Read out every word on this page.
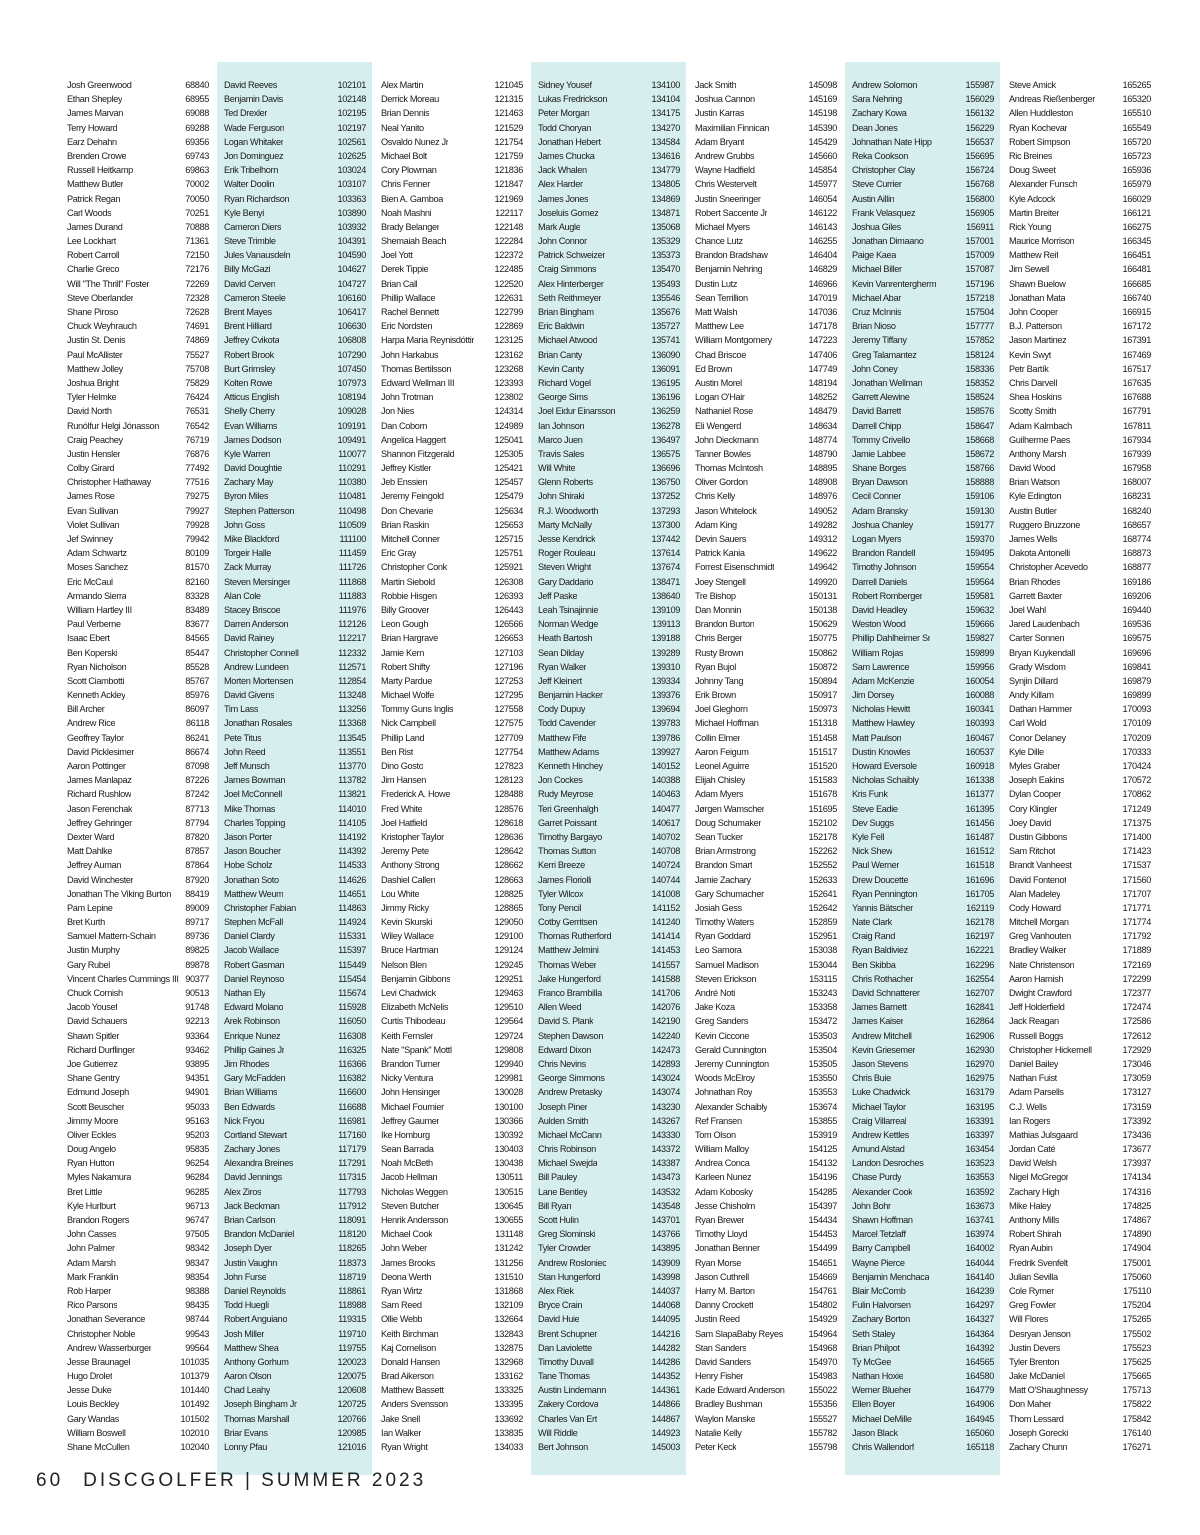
Josh Greenwood	68840
Ethan Shepley	68955
James Marvan	69088
Terry Howard	69288
Earz Dehahn	69356
Brenden Crowe	69743
Russell Heitkamp	69863
Matthew Butler	70002
Patrick Regan	70050
Carl Woods	70251
James Durand	70888
Lee Lockhart	71361
Robert Carroll	72150
Charlie Greco	72176
Will "The Thrill" Foster	72269
Steve Oberlander	72328
Shane Piroso	72628
Chuck Weyhrauch	74691
Justin St. Denis	74869
Paul McAllister	75527
Matthew Jolley	75708
Joshua Bright	75829
Tyler Helmke	76424
David North	76531
Runólfur Helgi Jónasson	76542
Craig Peachey	76719
Justin Hensler	76876
Colby Girard	77492
Christopher Hathaway	77516
James Rose	79275
Evan Sullivan	79927
Violet Sullivan	79928
Jef Swinney	79942
Adam Schwartz	80109
Moses Sanchez	81570
Eric McCaul	82160
Armando Sierra	83328
William Hartley III	83489
Paul Verberne	83677
Isaac Ebert	84565
Ben Koperski	85447
Ryan Nicholson	85528
Scott Ciambotti	85767
Kenneth Ackley	85976
Bill Archer	86097
Andrew Rice	86118
Geoffrey Taylor	86241
David Picklesimer	86674
Aaron Pottinger	87098
James Manlapaz	87226
Richard Rushlow	87242
Jason Ferenchak	87713
Jeffrey Gehringer	87794
Dexter Ward	87820
Matt Dahlke	87857
Jeffrey Auman	87864
David Winchester	87920
Jonathan The Viking Burton	88419
Pam Lepine	89009
Bret Kurth	89717
Samuel Mattern-Schain	89736
Justin Murphy	89825
Gary Rubel	89878
Vincent Charles Cummings III 90377
Chuck Cornish	90513
Jacob Yousef	91748
David Schauers	92213
Shawn Spitler	93364
Richard Durflinger	93462
Joe Gutierrez	93895
Shane Gentry	94351
Edmund Joseph	94901
Scott Beuscher	95033
Jimmy Moore	95163
Oliver Eckles	95203
Doug Angelo	95835
Ryan Hutton	96254
Myles Nakamura	96284
Bret Little	96285
Kyle Hurlburt	96713
Brandon Rogers	96747
John Casses	97505
John Palmer	98342
Adam Marsh	98347
Mark Franklin	98354
Rob Harper	98388
Rico Parsons	98435
Jonathan Severance	98744
Christopher Noble	99543
Andrew Wasserburger	99564
Jesse Braunagel	101035
Hugo Drolet	101379
Jesse Duke	101440
Louis Beckley	101492
Gary Wandas	101502
William Boswell	102010
Shane McCullen	102040
David Reeves	102101
Benjamin Davis	102148
Ted Drexler	102195
Wade Ferguson	102197
Logan Whitaker	102561
Jon Dominguez	102625
Erik Tribelhorn	103024
Walter Doolin	103107
Ryan Richardson	103363
Kyle Benyi	103890
Cameron Diers	103932
Steve Trimble	104391
Jules Vanausdeln	104590
Billy McGazi	104627
David Cerven	104727
Cameron Steele	106160
Brent Mayes	106417
Brent Hilliard	106630
Jeffrey Cvikota	106808
Robert Brook	107290
Burt Grimsley	107450
Kolten Rowe	107973
Atticus English	108194
Shelly Cherry	109028
Evan Williams	109191
James Dodson	109491
Kyle Warren	110077
David Doughtie	110291
Zachary May	110380
Byron Miles	110481
Stephen Patterson	110498
John Goss	110509
Mike Blackford	111100
Torgeir Halle	111459
Zack Murray	111726
Steven Mersinger	111868
Alan Cole	111883
Stacey Briscoe	111976
Darren Anderson	112126
David Rainey	112217
Christopher Connell	112332
Andrew Lundeen	112571
Morten Mortensen	112854
David Givens	113248
Tim Lass	113256
Jonathan Rosales	113368
Pete Titus	113545
John Reed	113551
Jeff Munsch	113770
James Bowman	113782
Joel McConnell	113821
Mike Thomas	114010
Charles Topping	114105
Jason Porter	114192
Jason Boucher	114392
Hobe Scholz	114533
Jonathan Soto	114626
Matthew Weum	114651
Christopher Fabian	114863
Stephen McFall	114924
Daniel Clardy	115331
Jacob Wallace	115397
Robert Gasman	115449
Daniel Reynoso	115454
Nathan Ely	115674
Edward Molano	115928
Arek Robinson	116050
Enrique Nunez	116308
Phillip Gaines Jr	116325
Jim Rhodes	116366
Gary McFadden	116382
Brian Williams	116600
Ben Edwards	116688
Nick Fryou	116981
Cortland Stewart	117160
Zachary Jones	117179
Alexandra Breines	117291
David Jennings	117315
Alex Ziros	117793
Jack Beckman	117912
Brian Carlson	118091
Brandon McDaniel	118120
Joseph Dyer	118265
Justin Vaughn	118373
John Furse	118719
Daniel Reynolds	118861
Todd Huegli	118988
Robert Anguiano	119315
Josh Miller	119710
Matthew Shea	119755
Anthony Gorhum	120023
Aaron Olson	120075
Chad Leahy	120608
Joseph Bingham Jr	120725
Thomas Marshall	120766
Briar Evans	120985
Lonny Pfau	121016
Alex Martin	121045
Derrick Moreau	121315
Brian Dennis	121463
Neal Yanito	121529
Osvaldo Nunez Jr	121754
Michael Bolt	121759
Cory Plowman	121836
Chris Fenner	121847
Bien A. Gamboa	121969
Noah Mashni	122117
Brady Belanger	122148
Shemaiah Beach	122284
Joel Yott	122372
Derek Tippie	122485
Brian Call	122520
Phillip Wallace	122631
Rachel Bennett	122799
Eric Nordsten	122869
Harpa Maria Reynisdóttir	123125
John Harkabus	123162
Thomas Bertilsson	123268
Edward Wellman III	123393
John Trotman	123802
Jon Nies	124314
Dan Coborn	124989
Angelica Haggert	125041
Shannon Fitzgerald	125305
Jeffrey Kistler	125421
Jeb Enssien	125457
Jeremy Feingold	125479
Don Chevarie	125634
Brian Raskin	125653
Mitchell Conner	125715
Eric Gray	125751
Christopher Conk	125921
Martin Siebold	126308
Robbie Hisgen	126393
Billy Groover	126443
Leon Gough	126566
Brian Hargrave	126653
Jamie Kern	127103
Robert Shifty	127196
Marty Pardue	127253
Michael Wolfe	127295
Tommy Guns Inglis	127558
Nick Campbell	127575
Phillip Land	127709
Ben Rist	127754
Dino Gosto	127823
Jim Hansen	128123
Frederick A. Howe	128488
Fred White	128576
Joel Hatfield	128618
Kristopher Taylor	128636
Jeremy Pete	128642
Anthony Strong	128662
Dashiel Callen	128663
Lou White	128825
Jimmy Ricky	128865
Kevin Skurski	129050
Wiley Wallace	129100
Bruce Hartman	129124
Nelson Blen	129245
Benjamin Gibbons	129251
Levi Chadwick	129463
Elizabeth McNelis	129510
Curtis Thibodeau	129564
Keith Fernsler	129724
Nate "Spank" Mottl	129808
Brandon Turner	129940
Nicky Ventura	129981
John Hensinger	130028
Michael Fournier	130100
Jeffrey Gaumer	130366
Ike Homburg	130392
Sean Barrada	130403
Noah McBeth	130438
Jacob Hellman	130511
Nicholas Weggen	130515
Steven Butcher	130645
Henrik Andersson	130655
Michael Cook	131148
John Weber	131242
James Brooks	131256
Deona Werth	131510
Ryan Wirtz	131868
Sam Reed	132109
Ollie Webb	132664
Keith Birchman	132843
Kaj Cornelison	132875
Donald Hansen	132968
Brad Aikerson	133162
Matthew Bassett	133325
Anders Svensson	133395
Jake Snell	133692
Ian Walker	133835
Ryan Wright	134033
Sidney Yousef	134100
Lukas Fredrickson	134104
Peter Morgan	134175
Todd Choryan	134270
Jonathan Hebert	134584
James Chucka	134616
Jack Whalen	134779
Alex Harder	134805
James Jones	134869
Joseluis Gomez	134871
Mark Augle	135068
John Connor	135329
Patrick Schweizer	135373
Craig Simmons	135470
Alex Hinterberger	135493
Seth Reithmeyer	135546
Brian Bingham	135676
Eric Baldwin	135727
Michael Atwood	135741
Brian Canty	136090
Kevin Canty	136091
Richard Vogel	136195
George Sims	136196
Joel Eidur Einarsson	136259
Ian Johnson	136278
Marco Juen	136497
Travis Sales	136575
Will White	136696
Glenn Roberts	136750
John Shiraki	137252
R.J. Woodworth	137293
Marty McNally	137300
Jesse Kendrick	137442
Roger Rouleau	137614
Steven Wright	137674
Gary Daddario	138471
Jeff Paske	138640
Leah Tsinajinnie	139109
Norman Wedge	139113
Heath Bartosh	139188
Sean Dilday	139289
Ryan Walker	139310
Jeff Kleinert	139334
Benjamin Hacker	139376
Cody Dupuy	139694
Todd Cavender	139783
Matthew Fife	139786
Matthew Adams	139927
Kenneth Hinchey	140152
Jon Cockes	140388
Rudy Meyrose	140463
Teri Greenhalgh	140477
Garret Poissant	140617
Timothy Bargayo	140702
Thomas Sutton	140708
Kerri Breeze	140724
James Floriolli	140744
Tyler Wilcox	141008
Tony Pencil	141152
Cotby Gerritsen	141240
Thomas Rutherford	141414
Matthew Jelmini	141453
Thomas Weber	141557
Jake Hungerford	141588
Franco Brambilla	141706
Allen Weed	142076
David S. Plank	142190
Stephen Dawson	142240
Edward Dixon	142473
Chris Nevins	142893
George Simmons	143024
Andrew Pretasky	143074
Joseph Piner	143230
Aulden Smith	143267
Michael McCann	143330
Chris Robinson	143372
Michael Swejda	143387
Bill Pauley	143473
Lane Bentley	143532
Bill Ryan	143548
Scott Hulin	143701
Greg Slominski	143766
Tyler Crowder	143895
Andrew Rosloniec	143909
Stan Hungerford	143998
Alex Riek	144037
Bryce Crain	144068
David Huie	144095
Brent Schupner	144216
Dan Laviolette	144282
Timothy Duvall	144286
Tane Thomas	144352
Austin Lindemann	144361
Zakery Cordova	144866
Charles Van Ert	144867
Will Riddle	144923
Bert Johnson	145003
Jack Smith	145098
Joshua Cannon	145169
Justin Karras	145198
Maximilian Finnican	145390
Adam Bryant	145429
Andrew Grubbs	145660
Wayne Hadfield	145854
Chris Westervelt	145977
Justin Sneeringer	146054
Robert Saccente Jr	146122
Michael Myers	146143
Chance Lutz	146255
Brandon Bradshaw	146404
Benjamin Nehring	146829
Dustin Lutz	146966
Sean Terrillion	147019
Matt Walsh	147036
Matthew Lee	147178
William Montgomery	147223
Chad Briscoe	147406
Ed Brown	147749
Austin Morel	148194
Logan O'Hair	148252
Nathaniel Rose	148479
Eli Wengerd	148634
John Dieckmann	148774
Tanner Bowles	148790
Thomas McIntosh	148895
Oliver Gordon	148908
Chris Kelly	148976
Jason Whitelock	149052
Adam King	149282
Devin Sauers	149312
Patrick Kania	149622
Forrest Eisenschmidt	149642
Joey Stengell	149920
Tre Bishop	150131
Dan Monnin	150138
Brandon Burton	150629
Chris Berger	150775
Rusty Brown	150862
Ryan Bujol	150872
Johnny Tang	150894
Erik Brown	150917
Joel Gleghorn	150973
Michael Hoffman	151318
Collin Elmer	151458
Aaron Feigum	151517
Leonel Aguirre	151520
Elijah Chisley	151583
Adam Myers	151678
Jørgen Wamscher	151695
Doug Schumaker	152102
Sean Tucker	152178
Brian Armstrong	152262
Brandon Smart	152552
Jamie Zachary	152633
Gary Schumacher	152641
Josiah Gess	152642
Timothy Waters	152859
Ryan Goddard	152951
Leo Samora	153038
Samuel Madison	153044
Steven Erickson	153115
André Noti	153243
Jake Koza	153358
Greg Sanders	153472
Kevin Ciccone	153503
Gerald Cunnington	153504
Jeremy Cunnington	153505
Woods McElroy	153550
Johnathan Roy	153553
Alexander Schaibly	153674
Ref Fransen	153855
Tom Olson	153919
William Malloy	154125
Andrea Conca	154132
Karleen Nunez	154196
Adam Kobosky	154285
Jesse Chisholm	154397
Ryan Brewer	154434
Timothy Lloyd	154453
Jonathan Benner	154499
Ryan Morse	154651
Jason Cuthrell	154669
Harry M. Barton	154761
Danny Crockett	154802
Justin Reed	154929
Sam SlapaBaby Reyes	154964
Stan Sanders	154968
David Sanders	154970
Henry Fisher	154983
Kade Edward Anderson	155022
Bradley Bushman	155356
Waylon Manske	155527
Natalie Kelly	155782
Peter Keck	155798
Andrew Solomon	155987
Sara Nehring	156029
Zachary Kowa	156132
Dean Jones	156229
Johnathan Nate Hipp	156537
Reka Cookson	156695
Christopher Clay	156724
Steve Currier	156768
Austin Aillin	156800
Frank Velasquez	156905
Joshua Giles	156911
Jonathan Dimaano	157001
Paige Kaea	157009
Michael Biller	157087
Kevin Vanrentergherm	157196
Michael Abar	157218
Cruz McInnis	157504
Brian Nioso	157777
Jeremy Tiffany	157852
Greg Talamantez	158124
John Coney	158336
Jonathan Wellman	158352
Garrett Alewine	158524
David Barrett	158576
Darrell Chipp	158647
Tommy Crivello	158668
Jamie Labbee	158672
Shane Borges	158766
Bryan Dawson	158888
Cecil Conner	159106
Adam Bransky	159130
Joshua Chanley	159177
Logan Myers	159370
Brandon Randell	159495
Timothy Johnson	159554
Darrell Daniels	159564
Robert Romberger	159581
David Headley	159632
Weston Wood	159666
Phillip Dahlheimer Sr	159827
William Rojas	159899
Sam Lawrence	159956
Adam McKenzie	160054
Jim Dorsey	160088
Nicholas Hewitt	160341
Matthew Hawley	160393
Matt Paulson	160467
Dustin Knowles	160537
Howard Eversole	160918
Nicholas Schaibly	161338
Kris Funk	161377
Steve Eadie	161395
Dev Suggs	161456
Kyle Fell	161487
Nick Shew	161512
Paul Werner	161518
Drew Doucette	161696
Ryan Pennington	161705
Yannis Bätscher	162119
Nate Clark	162178
Craig Rand	162197
Ryan Baldiviez	162221
Ben Skibba	162296
Chris Rothacher	162554
David Schnatterer	162707
James Barnett	162841
James Kaiser	162864
Andrew Mitchell	162906
Kevin Griesemer	162930
Jason Stevens	162970
Chris Buie	162975
Luke Chadwick	163179
Michael Taylor	163195
Craig Villarreal	163391
Andrew Kettles	163397
Amund Alstad	163454
Landon Desroches	163523
Chase Purdy	163553
Alexander Cook	163592
John Bohr	163673
Shawn Hoffman	163741
Marcel Tetzlaff	163974
Barry Campbell	164002
Wayne Pierce	164044
Benjamin Menchaca	164140
Blair McComb	164239
Fulin Halvorsen	164297
Zachary Borton	164327
Seth Staley	164364
Brian Philpot	164392
Ty McGee	164565
Nathan Hoxie	164580
Werner Blueher	164779
Ellen Boyer	164906
Michael DeMille	164945
Jason Black	165060
Chris Wallendorf	165118
Steve Amick	165265
Andreas Rießenberger	165320
Allen Huddleston	165510
Ryan Kochevar	165549
Robert Simpson	165720
Ric Breines	165723
Doug Sweet	165936
Alexander Funsch	165979
Kyle Adcock	166029
Martin Breiter	166121
Rick Young	166275
Maurice Morrison	166345
Matthew Reif	166451
Jim Sewell	166481
Shawn Buelow	166685
Jonathan Mata	166740
John Cooper	166915
B.J. Patterson	167172
Jason Martinez	167391
Kevin Swyt	167469
Petr Bartík	167517
Chris Darvell	167635
Shea Hoskins	167688
Scotty Smith	167791
Adam Kalmbach	167811
Guilherme Paes	167934
Anthony Marsh	167939
David Wood	167958
Brian Watson	168007
Kyle Edington	168231
Austin Butler	168240
Ruggero Bruzzone	168657
James Wells	168774
Dakota Antonelli	168873
Christopher Acevedo	168877
Brian Rhodes	169186
Garrett Baxter	169206
Joel Wahl	169440
Jared Laudenbach	169536
Carter Sonnen	169575
Bryan Kuykendall	169696
Grady Wisdom	169841
Synjin Dillard	169879
Andy Killam	169899
Dathan Hammer	170093
Carl Wold	170109
Conor Delaney	170209
Kyle Dille	170333
Myles Graber	170424
Joseph Eakins	170572
Dylan Cooper	170862
Cory Klingler	171249
Joey David	171375
Dustin Gibbons	171400
Sam Ritchot	171423
Brandt Vanheest	171537
David Fontenot	171560
Alan Madeley	171707
Cody Howard	171771
Mitchell Morgan	171774
Greg Vanhouten	171792
Bradley Walker	171889
Nate Christenson	172169
Aaron Harnish	172299
Dwight Crawford	172377
Jeff Holderfield	172474
Jack Reagan	172586
Russell Boggs	172612
Christopher Hickernell	172929
Daniel Bailey	173046
Nathan Fuist	173059
Adam Parsells	173127
C.J. Wells	173159
Ian Rogers	173392
Mathias Julsgaard	173436
Jordan Caté	173677
David Welsh	173937
Nigel McGregor	174134
Zachary High	174316
Mike Haley	174825
Anthony Mills	174867
Robert Shirah	174890
Ryan Aubin	174904
Fredrik Svenfelt	175001
Julian Sevilla	175060
Cole Rymer	175110
Greg Fowler	175204
Will Flores	175265
Desryan Jenson	175502
Justin Devers	175523
Tyler Brenton	175625
Jake McDaniel	175665
Matt O'Shaughnessy	175713
Don Maher	175822
Thom Lessard	175842
Joseph Gorecki	176140
Zachary Chunn	176271
60 DISCGOLFER | SUMMER 2023
